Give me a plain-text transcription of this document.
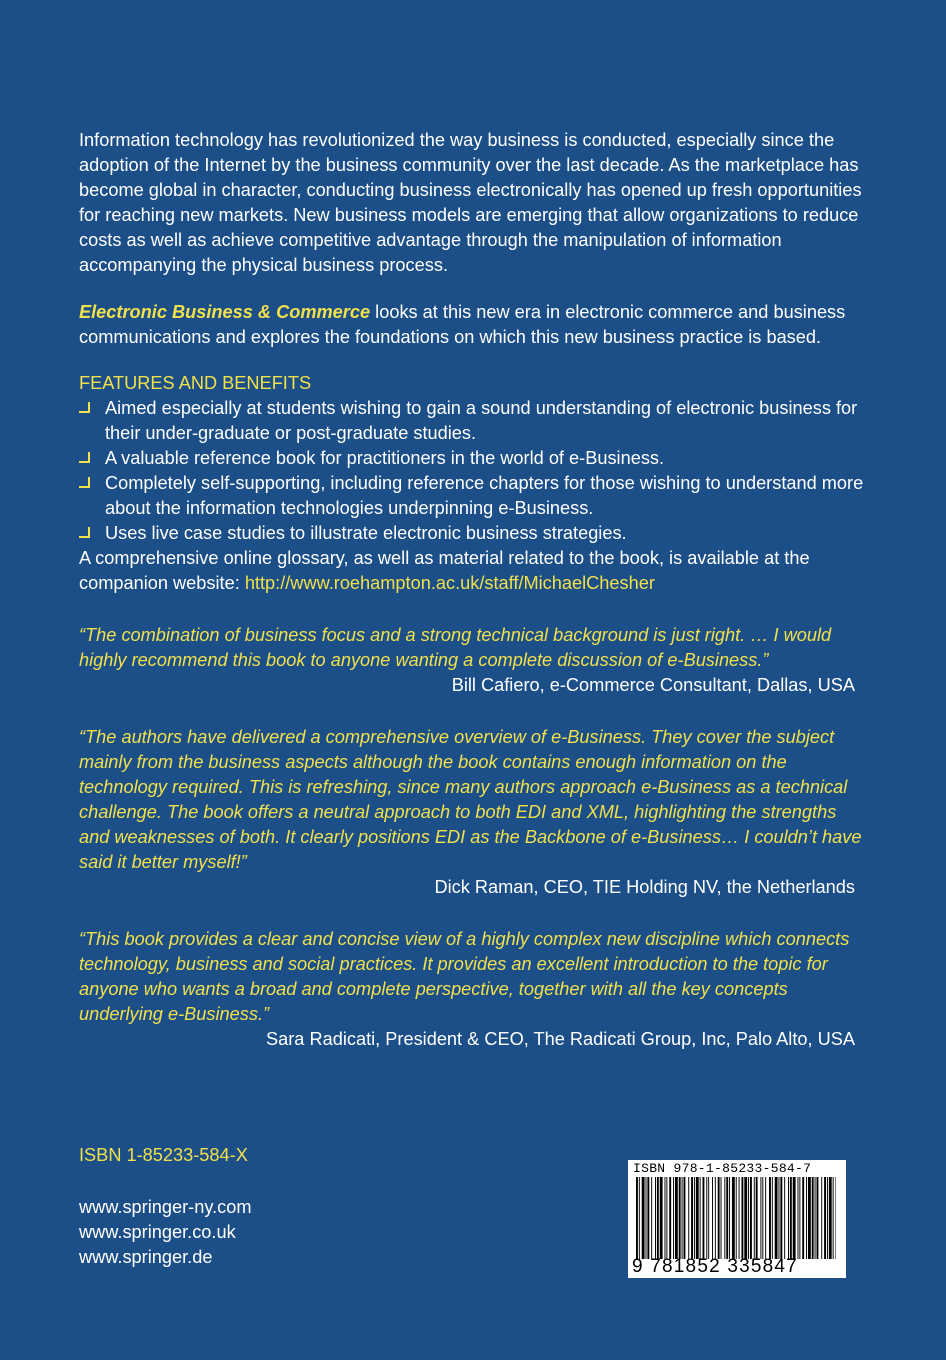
Information technology has revolutionized the way business is conducted, especially since the adoption of the Internet by the business community over the last decade. As the marketplace has become global in character, conducting business electronically has opened up fresh opportunities for reaching new markets. New business models are emerging that allow organizations to reduce costs as well as achieve competitive advantage through the manipulation of information accompanying the physical business process.

Electronic Business & Commerce looks at this new era in electronic commerce and business communications and explores the foundations on which this new business practice is based.

FEATURES AND BENEFITS

Aimed especially at students wishing to gain a sound understanding of electronic business for their under-graduate or post-graduate studies.
A valuable reference book for practitioners in the world of e-Business.
Completely self-supporting, including reference chapters for those wishing to understand more about the information technologies underpinning e-Business.
Uses live case studies to illustrate electronic business strategies.

A comprehensive online glossary, as well as material related to the book, is available at the companion website: http://www.roehampton.ac.uk/staff/MichaelChesher

“The combination of business focus and a strong technical background is just right. … I would highly recommend this book to anyone wanting a complete discussion of e-Business.”

Bill Cafiero, e-Commerce Consultant, Dallas, USA

“The authors have delivered a comprehensive overview of e-Business. They cover the subject mainly from the business aspects although the book contains enough information on the technology required. This is refreshing, since many authors approach e-Business as a technical challenge. The book offers a neutral approach to both EDI and XML, highlighting the strengths and weaknesses of both. It clearly positions EDI as the Backbone of e-Business… I couldn’t have said it better myself!”

Dick Raman, CEO, TIE Holding NV, the Netherlands

“This book provides a clear and concise view of a highly complex new discipline which connects technology, business and social practices. It provides an excellent introduction to the topic for anyone who wants a broad and complete perspective, together with all the key concepts underlying e-Business.”

Sara Radicati, President & CEO, The Radicati Group, Inc, Palo Alto, USA

ISBN 1-85233-584-X
www.springer-ny.com
www.springer.co.uk
www.springer.de
ISBN 978-1-85233-584-7
9 781852 335847
